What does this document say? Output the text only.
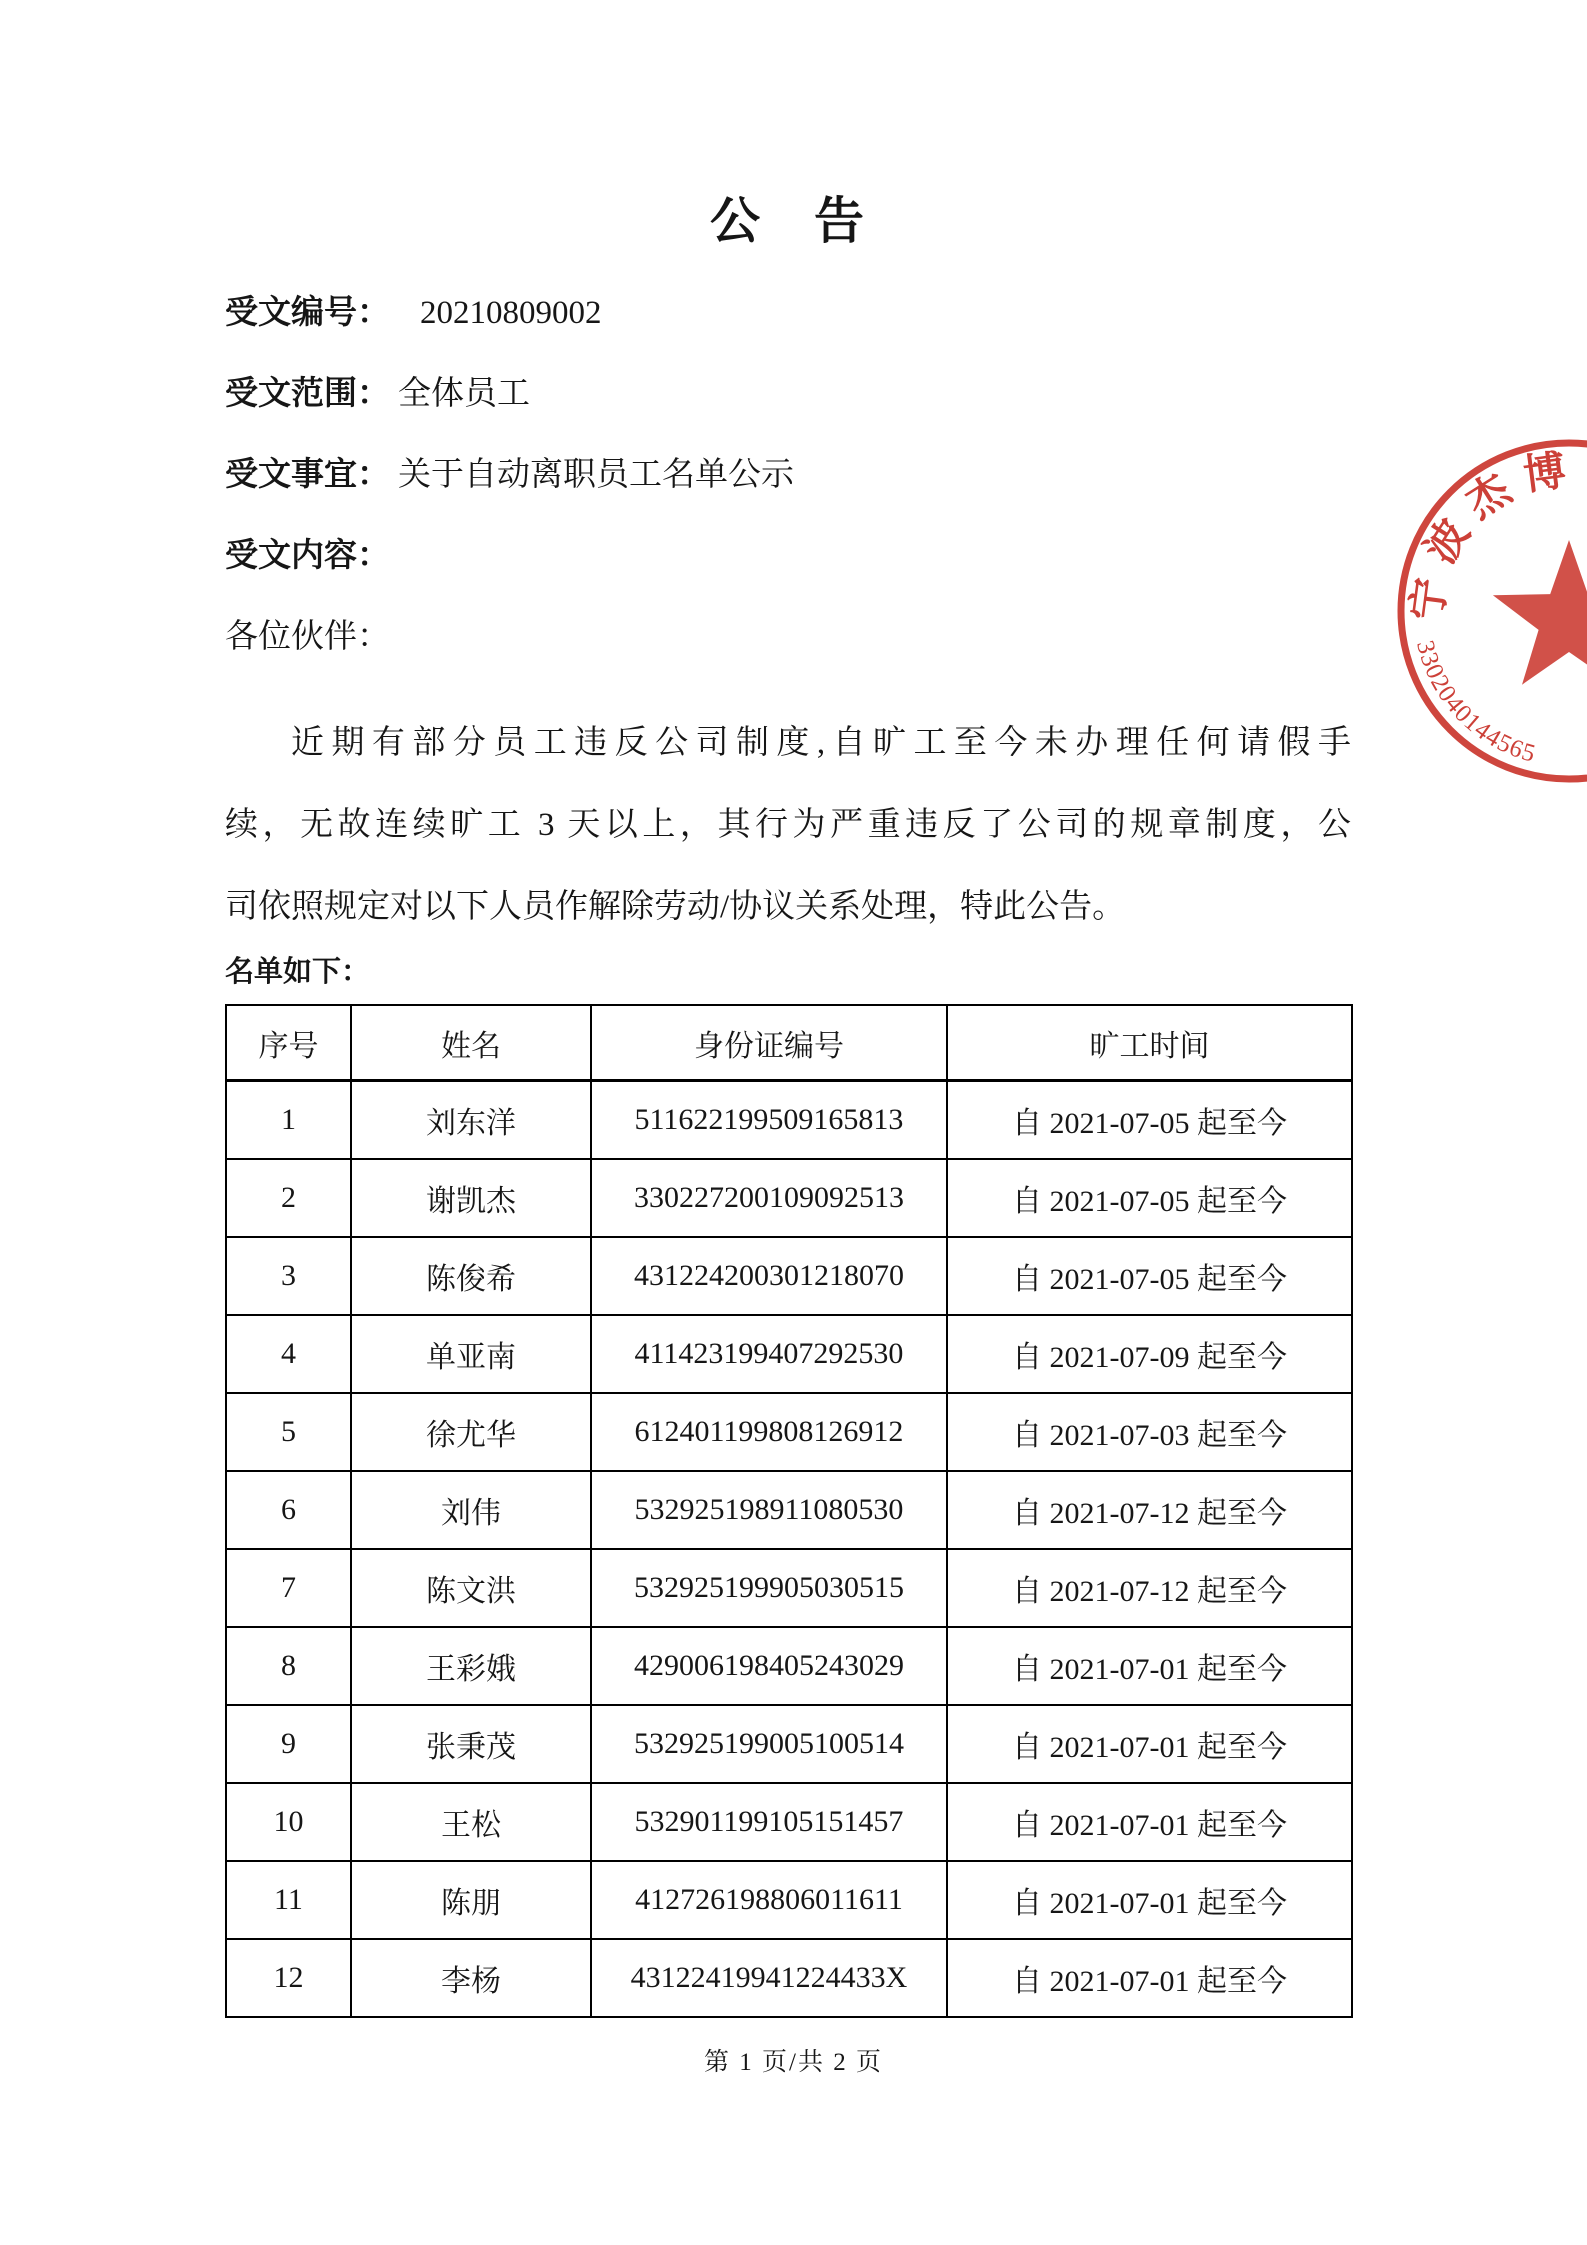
公　告
受文编号： 20210809002
受文范围： 全体员工
受文事宜： 关于自动离职员工名单公示
受文内容：
各位伙伴：
近期有部分员工违反公司制度,自旷工至今未办理任何请假手
续，无故连续旷工 3 天以上，其行为严重违反了公司的规章制度，公
司依照规定对以下人员作解除劳动/协议关系处理，特此公告。
名单如下：
序号	姓名	身份证编号	旷工时间
1	刘东洋	511622199509165813	自 2021-07-05 起至今
2	谢凯杰	330227200109092513	自 2021-07-05 起至今
3	陈俊希	431224200301218070	自 2021-07-05 起至今
4	单亚南	411423199407292530	自 2021-07-09 起至今
5	徐尤华	612401199808126912	自 2021-07-03 起至今
6	刘伟	532925198911080530	自 2021-07-12 起至今
7	陈文洪	532925199905030515	自 2021-07-12 起至今
8	王彩娥	429006198405243029	自 2021-07-01 起至今
9	张秉茂	532925199005100514	自 2021-07-01 起至今
10	王松	532901199105151457	自 2021-07-01 起至今
11	陈朋	412726198806011611	自 2021-07-01 起至今
12	李杨	43122419941224433X	自 2021-07-01 起至今
第 1 页/共 2 页
宁波杰博
3302040144565
